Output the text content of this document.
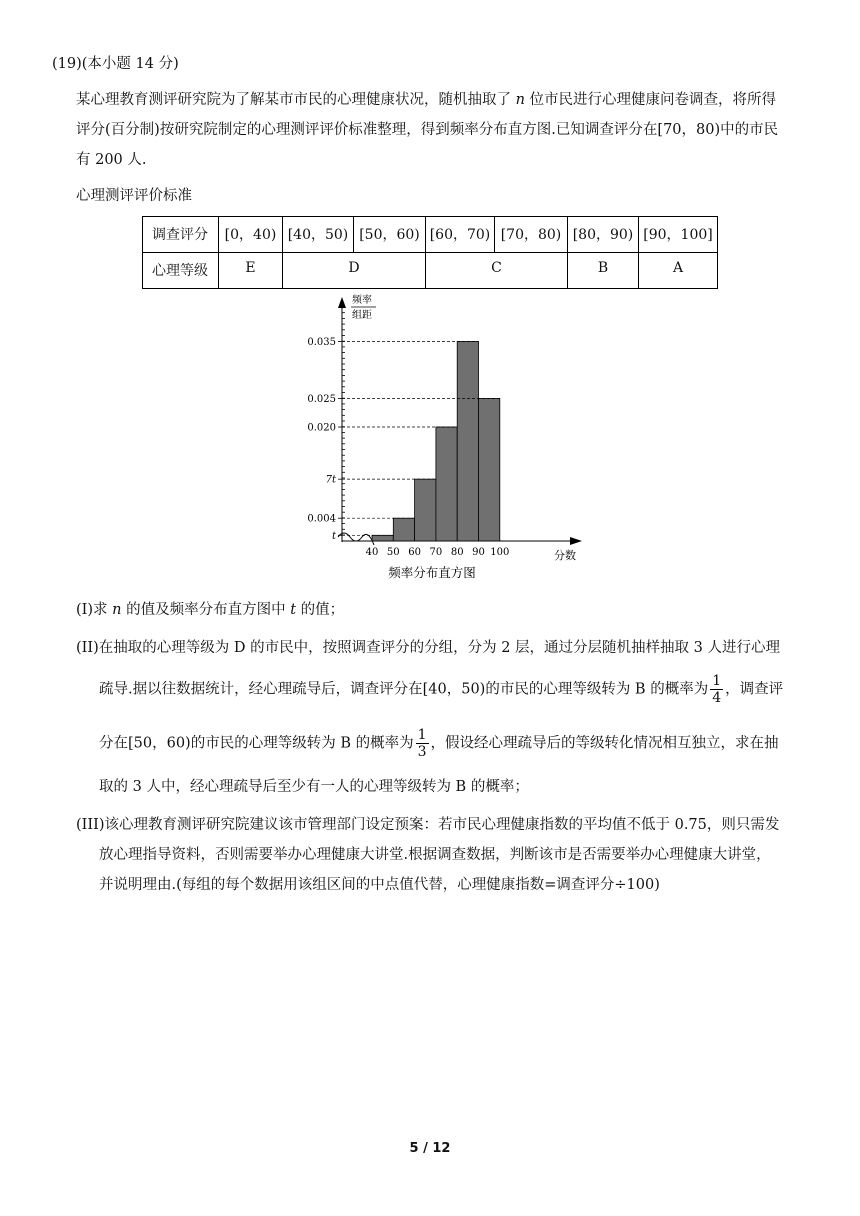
(19)(本小题 14 分)
某心理教育测评研究院为了解某市市民的心理健康状况，随机抽取了 n 位市民进行心理健康问卷调查，将所得
评分(百分制)按研究院制定的心理测评评价标准整理，得到频率分布直方图.已知调查评分在[70，80)中的市民
有 200 人.
心理测评评价标准
调查评分	[0，40)	[40，50)	[50，60)	[60，70)	[70，80)	[80，90)	[90，100]
心理等级	E	D		C		B	A
频率
组距
t
0.004
7t
0.020
0.025
0.035
40 50 60 70 80 90 100	分数
频率分布直方图
(I)求 n 的值及频率分布直方图中 t 的值；
(II)在抽取的心理等级为 D 的市民中，按照调查评分的分组，分为 2 层，通过分层随机抽样抽取 3 人进行心理
疏导.据以往数据统计，经心理疏导后，调查评分在[40，50)的市民的心理等级转为 B 的概率为 $\frac{1}{4}$ ，调查评
分在[50，60)的市民的心理等级转为 B 的概率为 $\frac{1}{3}$ ，假设经心理疏导后的等级转化情况相互独立，求在抽
取的 3 人中，经心理疏导后至少有一人的心理等级转为 B 的概率；
(III)该心理教育测评研究院建议该市管理部门设定预案：若市民心理健康指数的平均值不低于 0.75，则只需发
放心理指导资料，否则需要举办心理健康大讲堂.根据调查数据，判断该市是否需要举办心理健康大讲堂，
并说明理由.(每组的每个数据用该组区间的中点值代替，心理健康指数=调查评分÷100)
5 / 12
